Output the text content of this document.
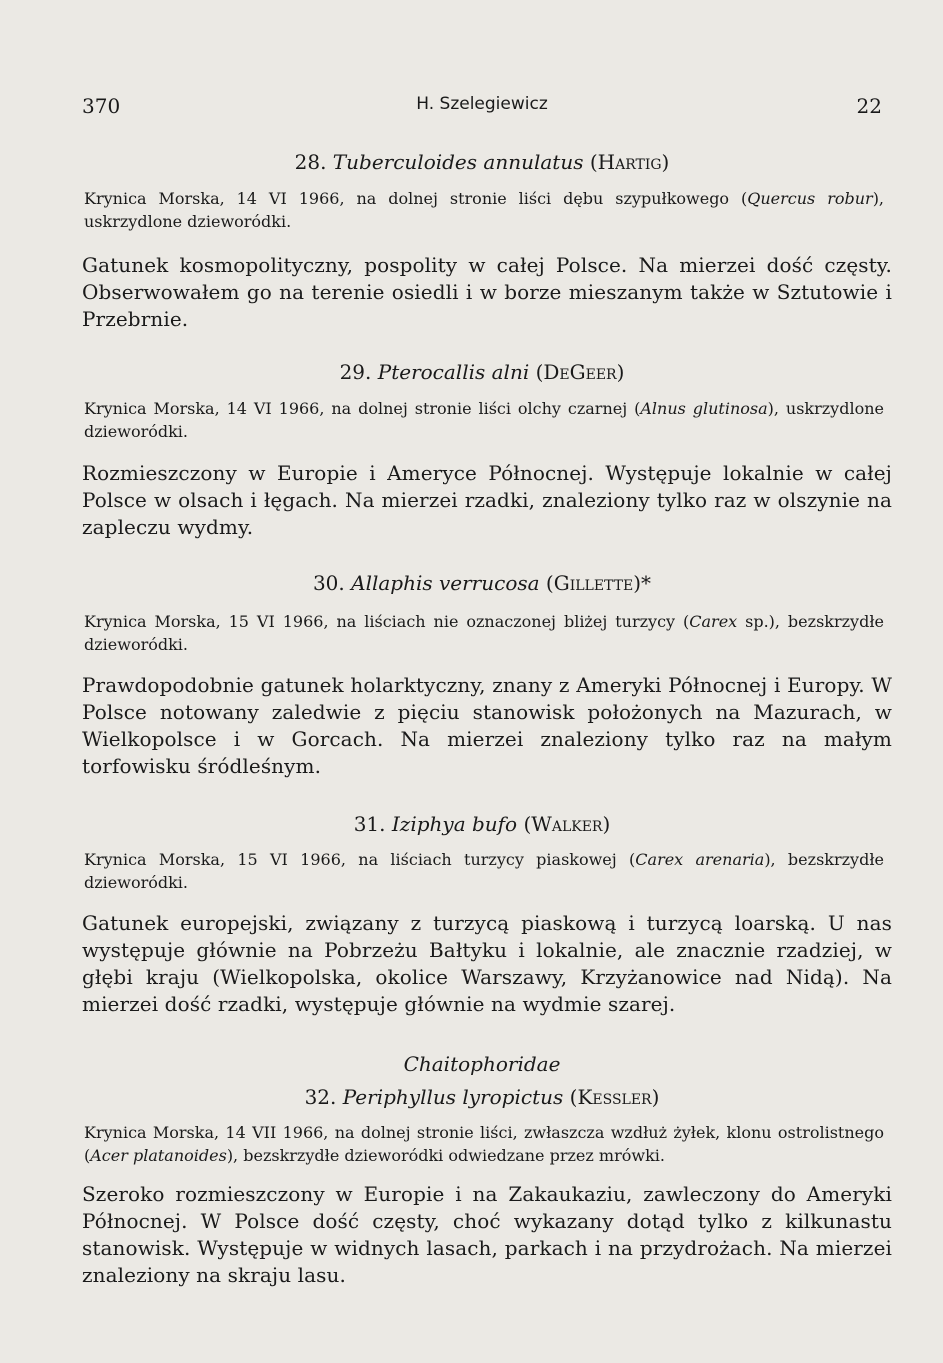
370	H. Szelegiewicz	22
28. Tuberculoides annulatus (Hartig)
Krynica Morska, 14 VI 1966, na dolnej stronie liści dębu szypułkowego (Quercus robur), uskrzydlone dzieworódki.
Gatunek kosmopolityczny, pospolity w całej Polsce. Na mierzei dość częsty. Obserwowałem go na terenie osiedli i w borze mieszanym także w Sztutowie i Przebrnie.
29. Pterocallis alni (DeGeer)
Krynica Morska, 14 VI 1966, na dolnej stronie liści olchy czarnej (Alnus glutinosa), uskrzydlone dzieworódki.
Rozmieszczony w Europie i Ameryce Północnej. Występuje lokalnie w całej Polsce w olsach i łęgach. Na mierzei rzadki, znaleziony tylko raz w olszynie na zapleczu wydmy.
30. Allaphis verrucosa (Gillette)*
Krynica Morska, 15 VI 1966, na liściach nie oznaczonej bliżej turzycy (Carex sp.), bezskrzydłe dzieworódki.
Prawdopodobnie gatunek holarktyczny, znany z Ameryki Północnej i Europy. W Polsce notowany zaledwie z pięciu stanowisk położonych na Mazurach, w Wielkopolsce i w Gorcach. Na mierzei znaleziony tylko raz na małym torfowisku śródleśnym.
31. Iziphya bufo (Walker)
Krynica Morska, 15 VI 1966, na liściach turzycy piaskowej (Carex arenaria), bezskrzydłe dzieworódki.
Gatunek europejski, związany z turzycą piaskową i turzycą loarską. U nas występuje głównie na Pobrzeżu Bałtyku i lokalnie, ale znacznie rzadziej, w głębi kraju (Wielkopolska, okolice Warszawy, Krzyżanowice nad Nidą). Na mierzei dość rzadki, występuje głównie na wydmie szarej.
Chaitophoridae
32. Periphyllus lyropictus (Kessler)
Krynica Morska, 14 VII 1966, na dolnej stronie liści, zwłaszcza wzdłuż żyłek, klonu ostrolistnego (Acer platanoides), bezskrzydłe dzieworódki odwiedzane przez mrówki.
Szeroko rozmieszczony w Europie i na Zakaukaziu, zawleczony do Ameryki Północnej. W Polsce dość częsty, choć wykazany dotąd tylko z kilkunastu stanowisk. Występuje w widnych lasach, parkach i na przydrożach. Na mierzei znaleziony na skraju lasu.
